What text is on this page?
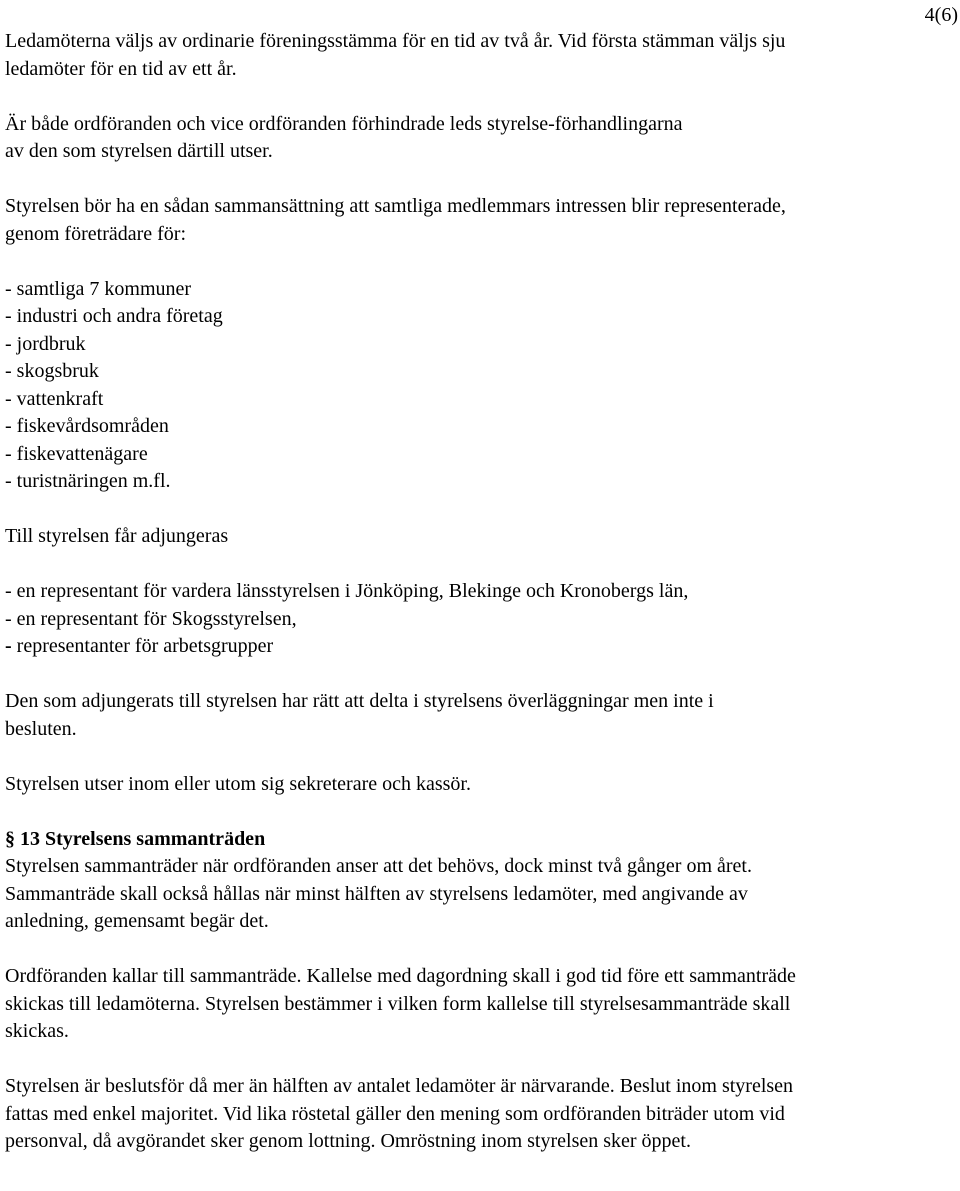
4(6)

Ledamöterna väljs av ordinarie föreningsstämma för en tid av två år. Vid första stämman väljs sju ledamöter för en tid av ett år.

Är både ordföranden och vice ordföranden förhindrade leds styrelse-förhandlingarna av den som styrelsen därtill utser.

Styrelsen bör ha en sådan sammansättning att samtliga medlemmars intressen blir representerade, genom företrädare för:

- samtliga 7 kommuner
- industri och andra företag
- jordbruk
- skogsbruk
- vattenkraft
- fiskevårdsområden
- fiskevattenägare
- turistnäringen m.fl.

Till styrelsen får adjungeras

- en representant för vardera länsstyrelsen i Jönköping, Blekinge och Kronobergs län,
- en representant för Skogsstyrelsen,
- representanter för arbetsgrupper

Den som adjungerats till styrelsen har rätt att delta i styrelsens överläggningar men inte i besluten.

Styrelsen utser inom eller utom sig sekreterare och kassör.

§ 13 Styrelsens sammanträden
Styrelsen sammanträder när ordföranden anser att det behövs, dock minst två gånger om året. Sammanträde skall också hållas när minst hälften av styrelsens ledamöter, med angivande av anledning, gemensamt begär det.

Ordföranden kallar till sammanträde. Kallelse med dagordning skall i god tid före ett sammanträde skickas till ledamöterna. Styrelsen bestämmer i vilken form kallelse till styrelsesammanträde skall skickas.

Styrelsen är beslutsför då mer än hälften av antalet ledamöter är närvarande. Beslut inom styrelsen fattas med enkel majoritet. Vid lika röstetal gäller den mening som ordföranden biträder utom vid personval, då avgörandet sker genom lottning. Omröstning inom styrelsen sker öppet.
